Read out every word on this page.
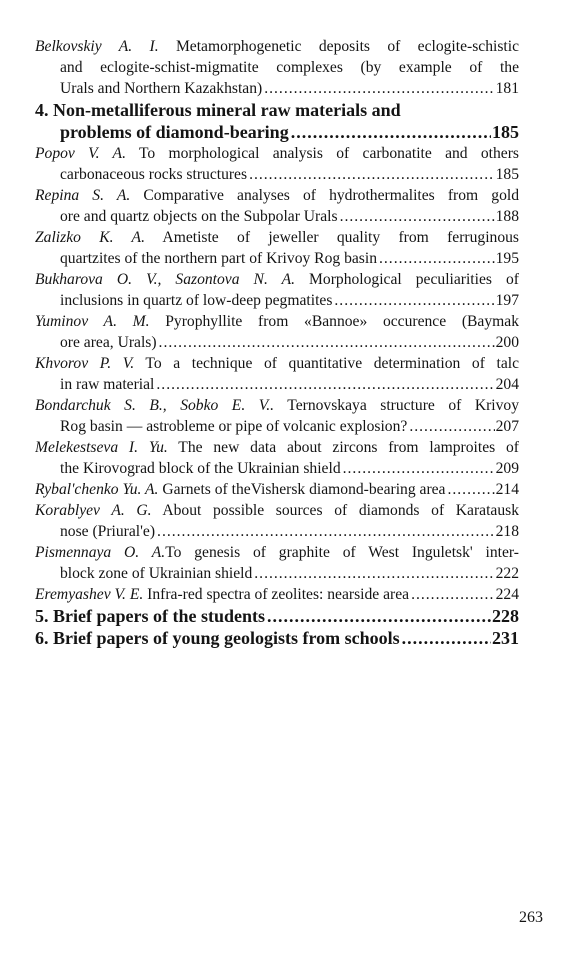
Belkovskiy A. I. Metamorphogenetic deposits of eclogite-schistic
and eclogite-schist-migmatite complexes (by example of the
Urals and Northern Kazakhstan) .....	181
4. Non-metalliferous mineral raw materials and
problems of diamond-bearing .....	185
Popov V. A. To morphological analysis of carbonatite and others
carbonaceous rocks structures .....	185
Repina S. A. Comparative analyses of hydrothermalites from gold
ore and quartz objects on the Subpolar Urals .....	188
Zalizko K. A. Ametiste of jeweller quality from ferruginous
quartzites of the northern part of Krivoy Rog basin .....	195
Bukharova O. V., Sazontova N. A. Morphological peculiarities of
inclusions in quartz of low-deep pegmatites .....	197
Yuminov A. M. Pyrophyllite from «Bannoe» occurence (Baymak
ore area, Urals) .....	200
Khvorov P. V. To a technique of quantitative determination of talc
in raw material .....	204
Bondarchuk S. B., Sobko E. V.. Ternovskaya structure of Krivoy
Rog basin — astrobleme or pipe of volcanic explosion? .....	207
Melekestseva I. Yu. The new data about zircons from lamproites of
the Kirovograd block of the Ukrainian shield .....	209
Rybal'chenko Yu. A. Garnets of theVishersk diamond-bearing area .....	214
Korablyev A. G. About possible sources of diamonds of Karatausk
nose (Priural'e) .....	218
Pismennaya O. A.To genesis of graphite of West Inguletsk' inter-
block zone of Ukrainian shield .....	222
Eremyashev V. E. Infra-red spectra of zeolites: nearside area .....	224
5. Brief papers of the students .....	228
6. Brief papers of young geologists from schools .....	231
263
